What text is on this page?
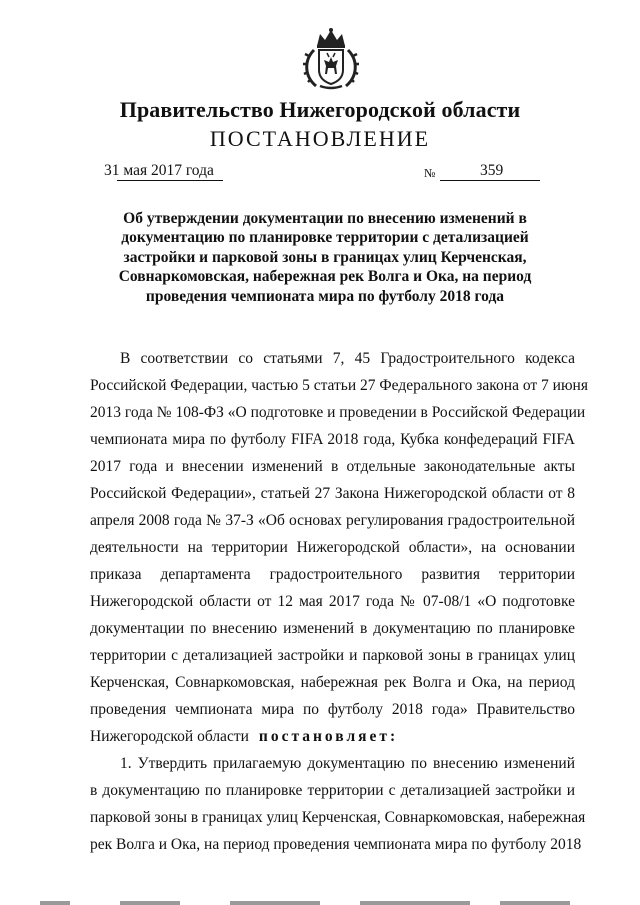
Правительство Нижегородской области
ПОСТАНОВЛЕНИЕ
31 мая 2017 года	№	359
Об утверждении документации по внесению изменений в
документацию по планировке территории с детализацией
застройки и парковой зоны в границах улиц Керченская,
Совнаркомовская, набережная рек Волга и Ока, на период
проведения чемпионата мира по футболу 2018 года
В соответствии со статьями 7, 45 Градостроительного кодекса
Российской Федерации, частью 5 статьи 27 Федерального закона от 7 июня
2013 года № 108-ФЗ «О подготовке и проведении в Российской Федерации
чемпионата мира по футболу FIFA 2018 года, Кубка конфедераций FIFA
2017 года и внесении изменений в отдельные законодательные акты
Российской Федерации», статьей 27 Закона Нижегородской области от 8
апреля 2008 года № 37-З «Об основах регулирования градостроительной
деятельности на территории Нижегородской области», на основании
приказа департамента градостроительного развития территории
Нижегородской области от 12 мая 2017 года № 07-08/1 «О подготовке
документации по внесению изменений в документацию по планировке
территории с детализацией застройки и парковой зоны в границах улиц
Керченская, Совнаркомовская, набережная рек Волга и Ока, на период
проведения чемпионата мира по футболу 2018 года» Правительство
Нижегородской области постановляет:
1. Утвердить прилагаемую документацию по внесению изменений
в документацию по планировке территории с детализацией застройки и
парковой зоны в границах улиц Керченская, Совнаркомовская, набережная
рек Волга и Ока, на период проведения чемпионата мира по футболу 2018
